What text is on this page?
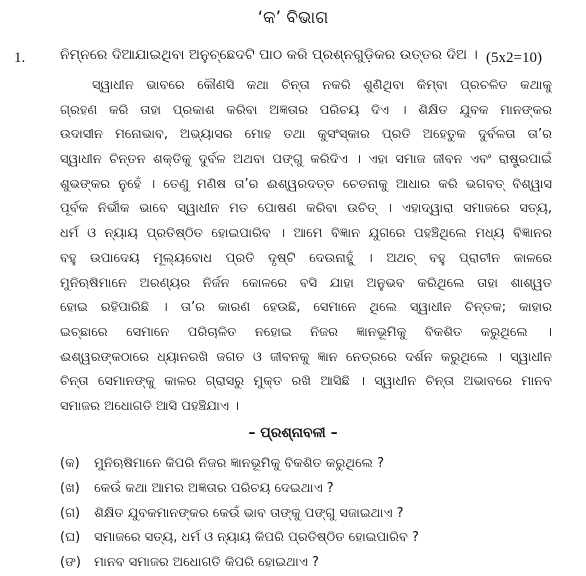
‘କ’ ବିଭାଗ
1. ନିମ୍ନରେ ଦିଆଯାଇଥିବା ଅନୁଚ୍ଛେଦଟି ପାଠ କରି ପ୍ରଶ୍ନଗୁଡ଼ିକର ଉତ୍ତର ଦିଅ । (5x2=10)
ସ୍ୱାଧୀନ ଭାବରେ କୌଣସି କଥା ଚିନ୍ତା ନକରି ଶୁଣିଥିବା କିମ୍ବା ପ୍ରଚଳିତ କଥାକୁ
ଗ୍ରହଣ କରି ତାହା ପ୍ରକାଶ କରିବା ଅଜ୍ଞତାର ପରିଚୟ ଦିଏ । ଶିକ୍ଷିତ ଯୁବକ ମାନଙ୍କର
ଉଦାସୀନ ମନୋଭାବ, ଅଭ୍ୟାସର ମୋହ ତଥା କୁସଂସ୍କାର ପ୍ରତି ଅହେତୁକ ଦୁର୍ବଳତା ତା’ର
ସ୍ୱାଧୀନ ଚିନ୍ତନ ଶକ୍ତିକୁ ଦୁର୍ବଳ ଅଥବା ପଙ୍ଗୁ କରିଦିଏ । ଏହା ସମାଜ ଜୀବନ ଏବଂ ରାଷ୍ଟ୍ରପାଇଁ
ଶୁଭଙ୍କର ନୁହେଁ । ତେଣୁ ମଣିଷ ତା’ର ଈଶ୍ୱରଦତ୍ତ ଚେତନାକୁ ଆଧାର କରି ଭଗବତ୍ ବିଶ୍ୱାସ
ପୂର୍ବକ ନିର୍ଭୀକ ଭାବେ ସ୍ୱାଧୀନ ମତ ପୋଷଣ କରିବା ଉଚିତ୍ । ଏହାଦ୍ୱାରା ସମାଜରେ ସତ୍ୟ,
ଧର୍ମ ଓ ନ୍ୟାୟ ପ୍ରତିଷ୍ଠିତ ହୋଇପାରିବ । ଆମେ ବିଜ୍ଞାନ ଯୁଗରେ ପହଞ୍ଚିଥିଲେ ମଧ୍ୟ ବିଜ୍ଞାନର
ବହୁ ଉପାଦେୟ ମୂଲ୍ୟବୋଧ ପ୍ରତି ଦୃଷ୍ଟି ଦେଉନାହୁଁ । ଅଥଚ୍ ବହୁ ପ୍ରାଚୀନ କାଳରେ
ମୁନିଋଷିମାନେ ଅରଣ୍ୟର ନିର୍ଜନ କୋଳରେ ବସି ଯାହା ଅନୁଭବ କରିଥିଲେ ତାହା ଶାଶ୍ୱତ
ହୋଇ ରହିପାରିଛି । ତା’ର କାରଣ ହେଉଛି, ସେମାନେ ଥିଲେ ସ୍ୱାଧୀନ ଚିନ୍ତକ; କାହାର
ଇଚ୍ଛାରେ ସେମାନେ ପରିଚାଳିତ ନହୋଇ ନିଜର ଜ୍ଞାନଭୂମିକୁ ବିକଶିତ କରୁଥିଲେ ।
ଈଶ୍ୱରଙ୍କଠାରେ ଧ୍ୟାନରଖି ଜଗତ ଓ ଜୀବନକୁ ଜ୍ଞାନ ନେତ୍ରରେ ଦର୍ଶନ କରୁଥିଲେ । ସ୍ୱାଧୀନ
ଚିନ୍ତା ସେମାନଙ୍କୁ କାଳର ଗ୍ରାସରୁ ମୁକ୍ତ ରଖି ଆସିଛି । ସ୍ୱାଧୀନ ଚିନ୍ତା ଅଭାବରେ ମାନବ
ସମାଜର ଅଧୋଗତି ଆସି ପହଞ୍ଚିଯାଏ ।
– ପ୍ରଶ୍ନାବଳୀ –
(କ) ମୁନିଋଷିମାନେ କିପରି ନିଜର ଜ୍ଞାନଭୂମିକୁ ବିକଶିତ କରୁଥିଲେ ?
(ଖ) କେଉଁ କଥା ଆମର ଅଜ୍ଞତାର ପରିଚୟ ଦେଇଥାଏ ?
(ଗ) ଶିକ୍ଷିତ ଯୁବକମାନଙ୍କର କେଉଁ ଭାବ ତାଙ୍କୁ ପଙ୍ଗୁ ସଜାଇଥାଏ ?
(ଘ) ସମାଜରେ ସତ୍ୟ, ଧର୍ମ ଓ ନ୍ୟାୟ କିପରି ପ୍ରତିଷ୍ଠିତ ହୋଇପାରିବ ?
(ଙ) ମାନବ ସମାଜର ଅଧୋଗତି କିପରି ହୋଇଥାଏ ?
